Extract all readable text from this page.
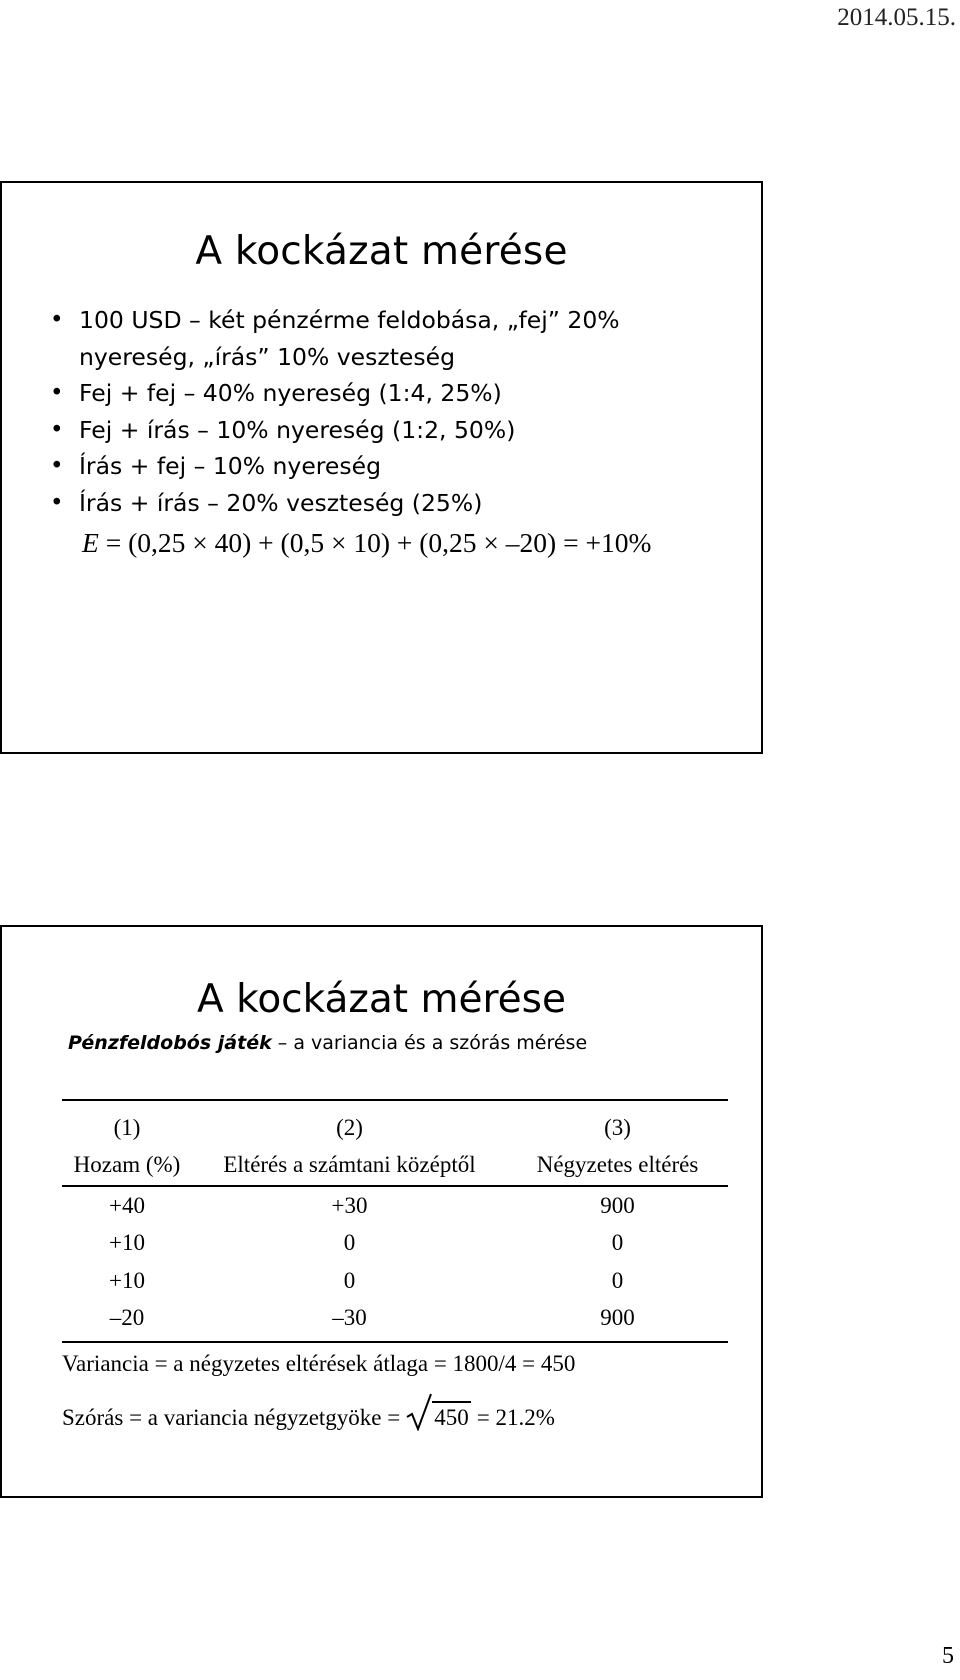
2014.05.15.
A kockázat mérése
• 100 USD – két pénzérme feldobása, „fej” 20% nyereség, „írás” 10% veszteség
• Fej + fej – 40% nyereség (1:4, 25%)
• Fej + írás – 10% nyereség (1:2, 50%)
• Írás + fej – 10% nyereség
• Írás + írás – 20% veszteség (25%)
E = (0,25 × 40) + (0,5 × 10) + (0,25 × –20) = +10%
A kockázat mérése
Pénzfeldobós játék – a variancia és a szórás mérése
(1)	(2)	(3)
Hozam (%)	Eltérés a számtani középtől	Négyzetes eltérés
+40	+30	900
+10	0	0
+10	0	0
–20	–30	900
Variancia = a négyzetes eltérések átlaga = 1800/4 = 450
Szórás = a variancia négyzetgyöke = 450 = 21.2%
5
